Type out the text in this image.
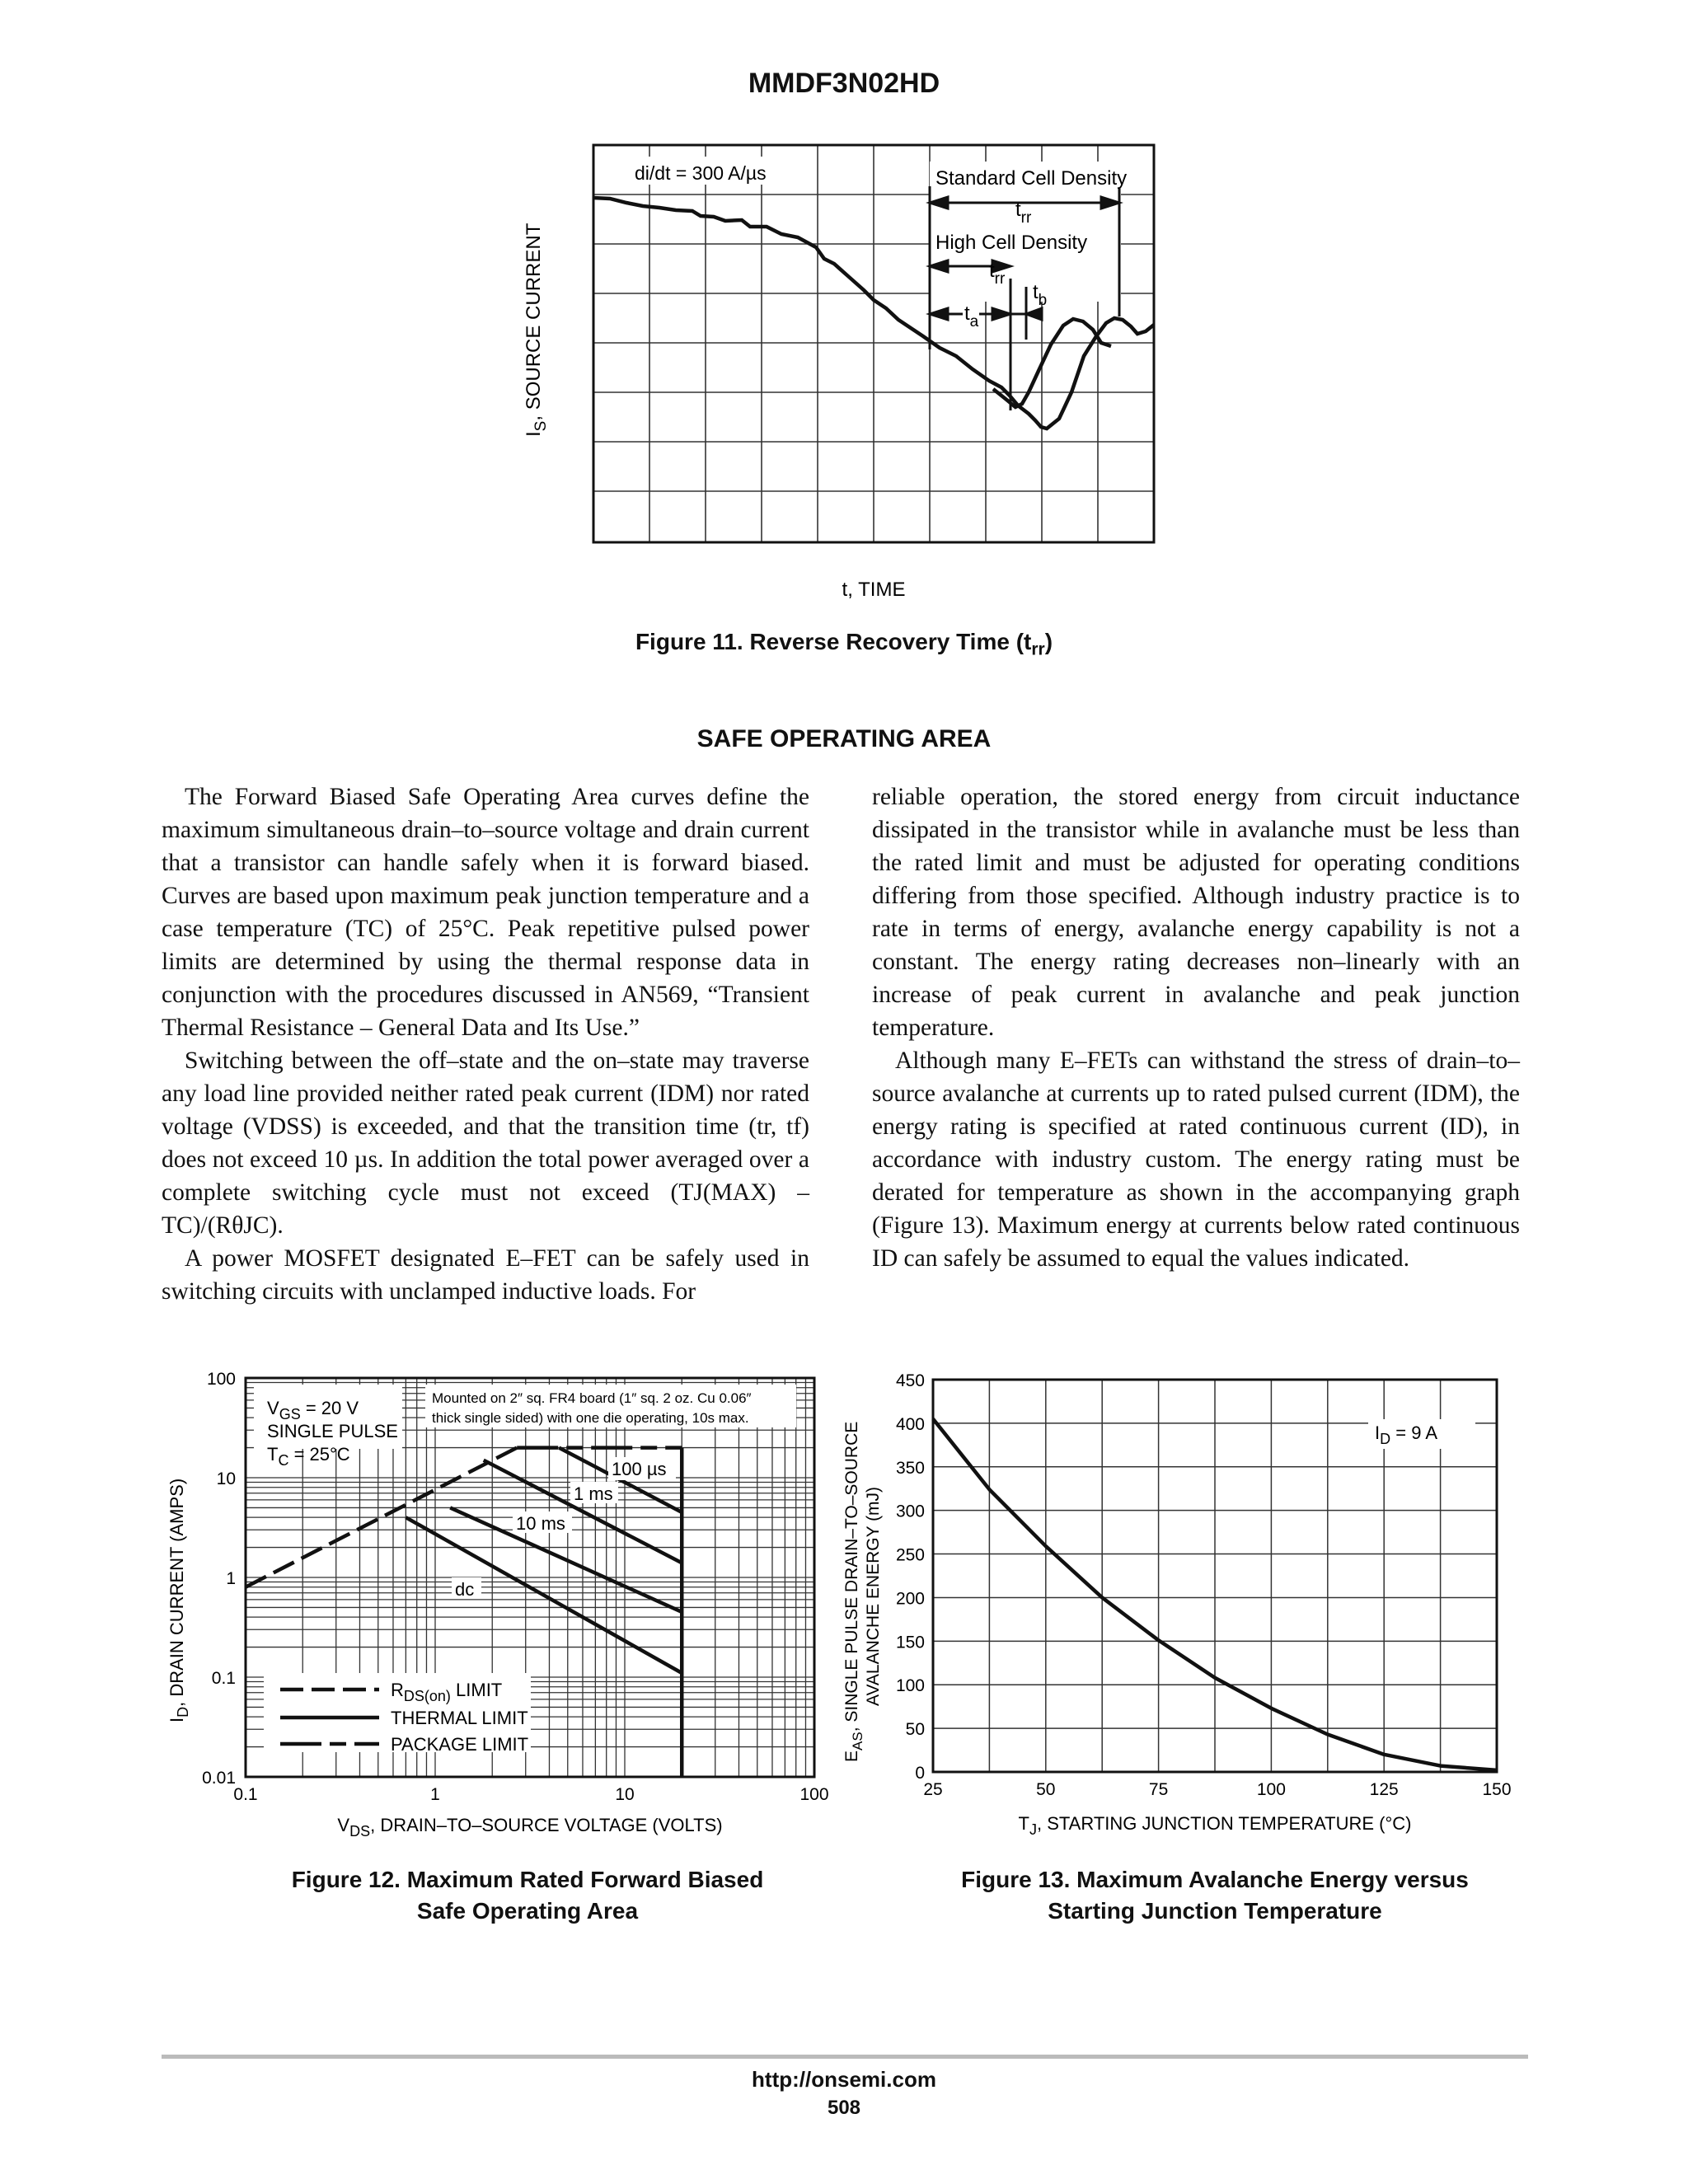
MMDF3N02HD
di/dt = 300 A/µs	Standard Cell Density
$t_{rr}$
High Cell Density
$t_{rr}$
$t_a$
$t_b$
$I_S$, SOURCE CURRENT
t, TIME
Figure 11. Reverse Recovery Time $(t_{rr})$
SAFE OPERATING AREA

The Forward Biased Safe Operating Area curves define the maximum simultaneous drain–to–source voltage and drain current that a transistor can handle safely when it is forward biased. Curves are based upon maximum peak junction temperature and a case temperature (TC) of 25°C. Peak repetitive pulsed power limits are determined by using the thermal response data in conjunction with the procedures discussed in AN569, “Transient Thermal Resistance – General Data and Its Use.”

Switching between the off–state and the on–state may traverse any load line provided neither rated peak current (IDM) nor rated voltage (VDSS) is exceeded, and that the transition time (tr, tf) does not exceed 10 µs. In addition the total power averaged over a complete switching cycle must not exceed (TJ(MAX) – TC)/(RθJC).

A power MOSFET designated E–FET can be safely used in switching circuits with unclamped inductive loads. For

reliable operation, the stored energy from circuit inductance dissipated in the transistor while in avalanche must be less than the rated limit and must be adjusted for operating conditions differing from those specified. Although industry practice is to rate in terms of energy, avalanche energy capability is not a constant. The energy rating decreases non–linearly with an increase of peak current in avalanche and peak junction temperature.

Although many E–FETs can withstand the stress of drain–to–source avalanche at currents up to rated pulsed current (IDM), the energy rating is specified at rated continuous current (ID), in accordance with industry custom. The energy rating must be derated for temperature as shown in the accompanying graph (Figure 13). Maximum energy at currents below rated continuous ID can safely be assumed to equal the values indicated.

100
10
1
0.1
0.01
0.1	1	10	100
$V_{GS} = 20$ V
SINGLE PULSE
$T_C = 25^\circ C$
Mounted on 2″ sq. FR4 board (1″ sq. 2 oz. Cu 0.06″
thick single sided) with one die operating, 10s max.
100 µs
1 ms
10 ms
dc
$R_{DS(on)}$ LIMIT
THERMAL LIMIT
PACKAGE LIMIT
$I_D$, DRAIN CURRENT (AMPS)
$V_{DS}$, DRAIN–TO–SOURCE VOLTAGE (VOLTS)
Figure 12. Maximum Rated Forward Biased
Safe Operating Area
450
400
350
300
250
200
150
100
50
0
25	50	75	100	125	150
$I_D = 9$ A
$E_{AS}$, SINGLE PULSE DRAIN–TO–SOURCE AVALANCHE ENERGY (mJ)
$T_J$, STARTING JUNCTION TEMPERATURE (°C)
Figure 13. Maximum Avalanche Energy versus
Starting Junction Temperature
http://onsemi.com
508
